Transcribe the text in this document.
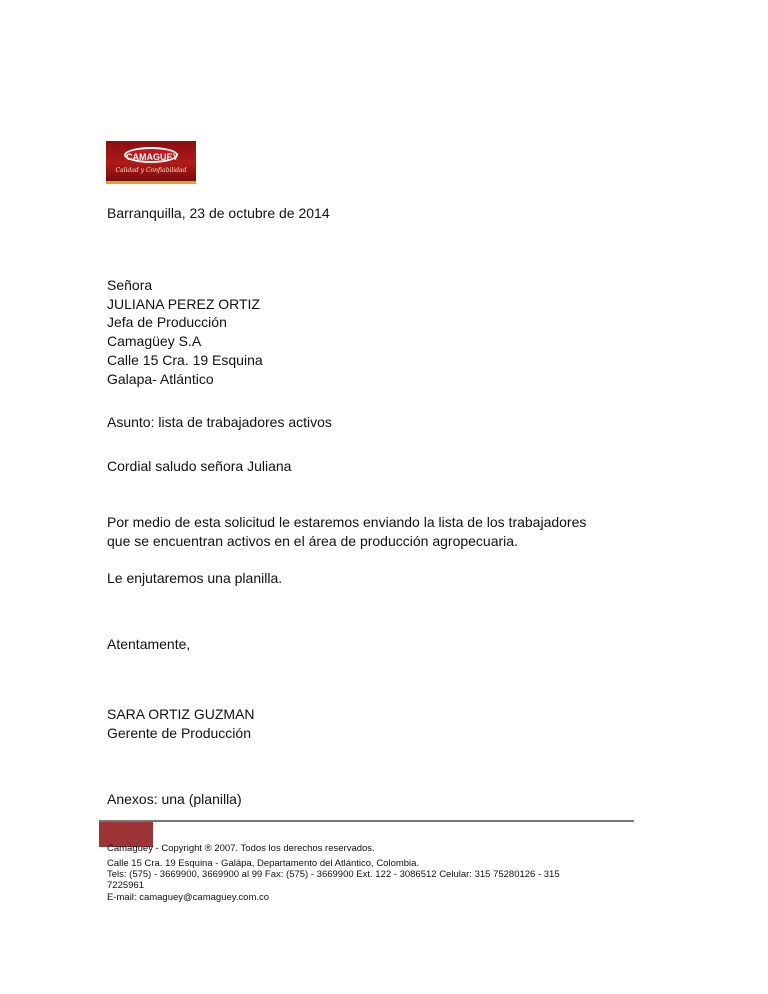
CAMAGUEY
Calidad y Confiabilidad
Barranquilla, 23 de octubre de 2014
Señora
JULIANA PEREZ ORTIZ
Jefa de Producción
Camagüey S.A
Calle 15 Cra. 19 Esquina
Galapa- Atlántico
Asunto: lista de trabajadores activos
Cordial saludo señora Juliana
Por medio de esta solicitud le estaremos enviando la lista de los trabajadores
que se encuentran activos en el área de producción agropecuaria.
Le enjutaremos una planilla.
Atentamente,
SARA ORTIZ GUZMAN
Gerente de Producción
Anexos: una (planilla)
Camaguey - Copyright ® 2007. Todos los derechos reservados.
Calle 15 Cra. 19 Esquina - Galápa, Departamento del Atlántico, Colombia.
Tels: (575) - 3669900, 3669900 al 99 Fax: (575) - 3669900 Ext. 122 - 3086512 Celular: 315 75280126 - 315
7225961
E-mail: camaguey@camaguey.com.co
